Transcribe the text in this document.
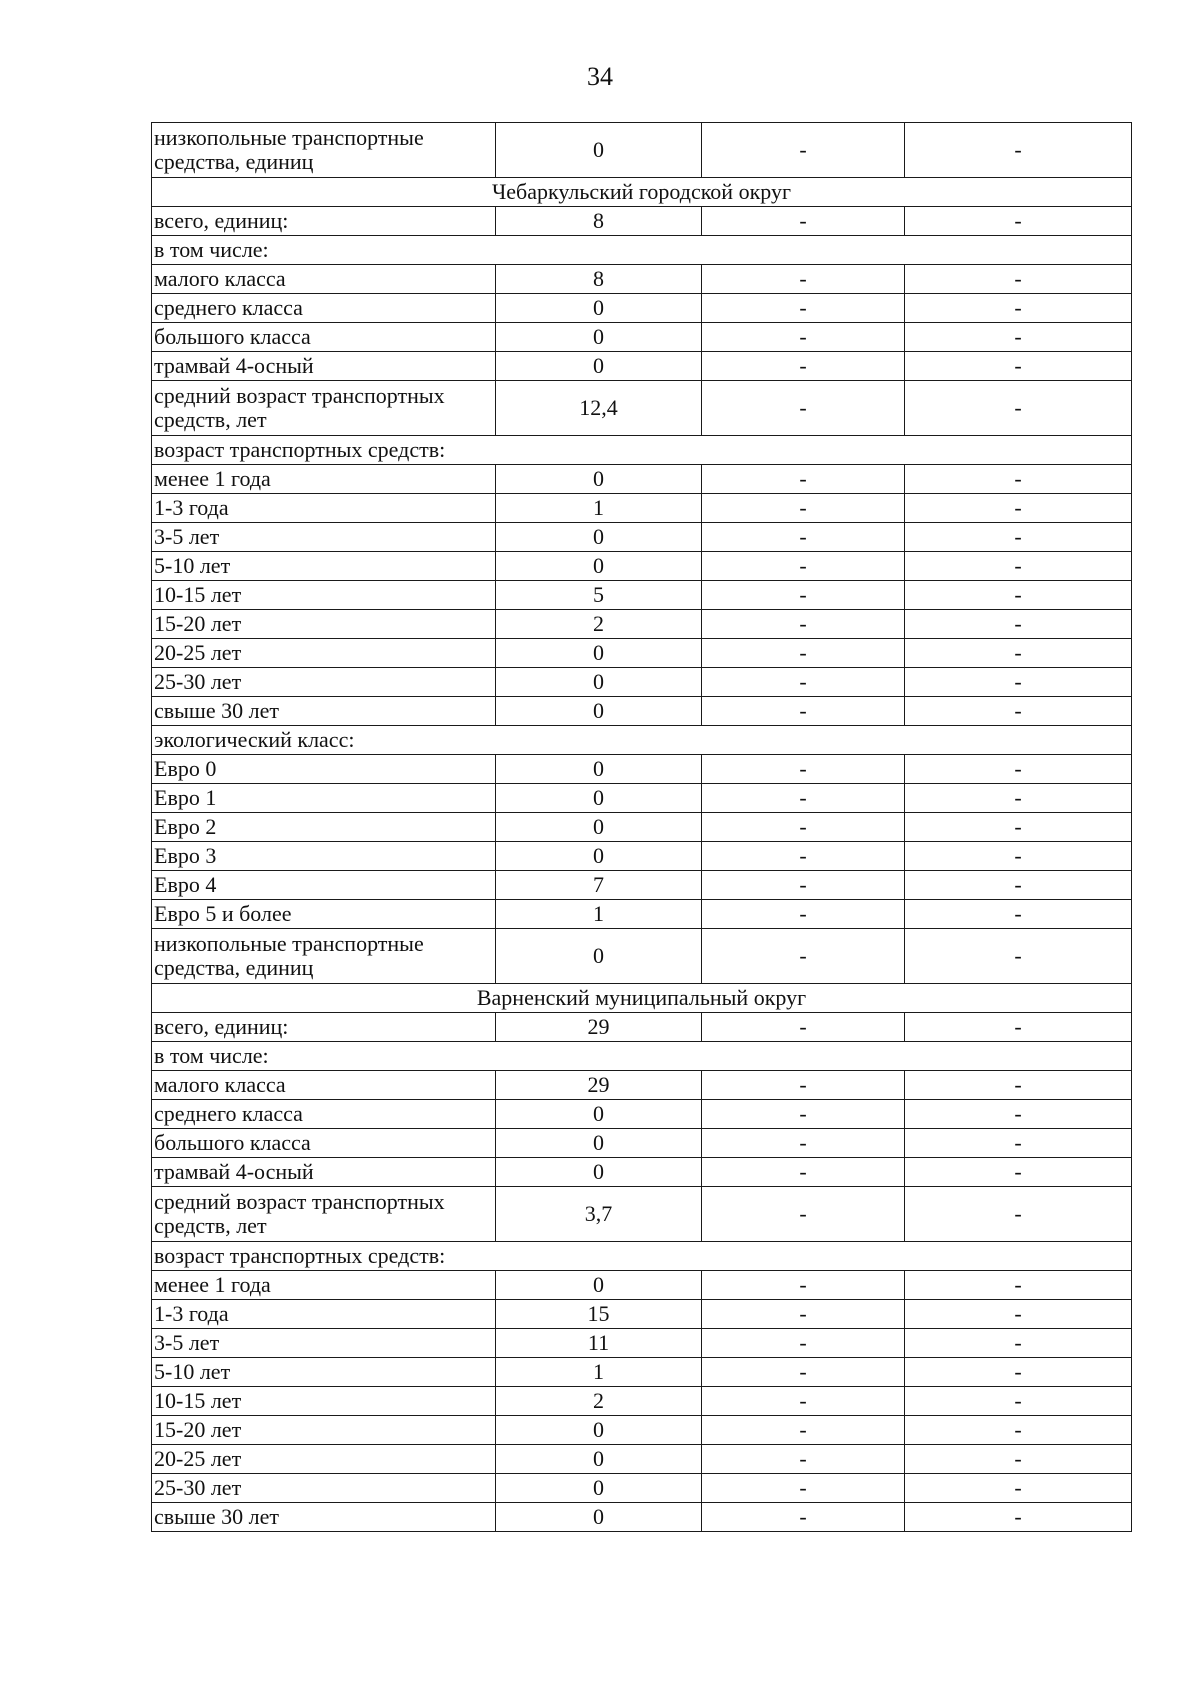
34
низкопольные транспортные средства, единиц	0	-	-
Чебаркульский городской округ			
всего, единиц:	8	-	-
в том числе:			
малого класса	8	-	-
среднего класса	0	-	-
большого класса	0	-	-
трамвай 4-осный	0	-	-
средний возраст транспортных средств, лет	12,4	-	-
возраст транспортных средств:			
менее 1 года	0	-	-
1-3 года	1	-	-
3-5 лет	0	-	-
5-10 лет	0	-	-
10-15 лет	5	-	-
15-20 лет	2	-	-
20-25 лет	0	-	-
25-30 лет	0	-	-
свыше 30 лет	0	-	-
экологический класс:			
Евро 0	0	-	-
Евро 1	0	-	-
Евро 2	0	-	-
Евро 3	0	-	-
Евро 4	7	-	-
Евро 5 и более	1	-	-
низкопольные транспортные средства, единиц	0	-	-
Варненский муниципальный округ			
всего, единиц:	29	-	-
в том числе:			
малого класса	29	-	-
среднего класса	0	-	-
большого класса	0	-	-
трамвай 4-осный	0	-	-
средний возраст транспортных средств, лет	3,7	-	-
возраст транспортных средств:			
менее 1 года	0	-	-
1-3 года	15	-	-
3-5 лет	11	-	-
5-10 лет	1	-	-
10-15 лет	2	-	-
15-20 лет	0	-	-
20-25 лет	0	-	-
25-30 лет	0	-	-
свыше 30 лет	0	-	-
